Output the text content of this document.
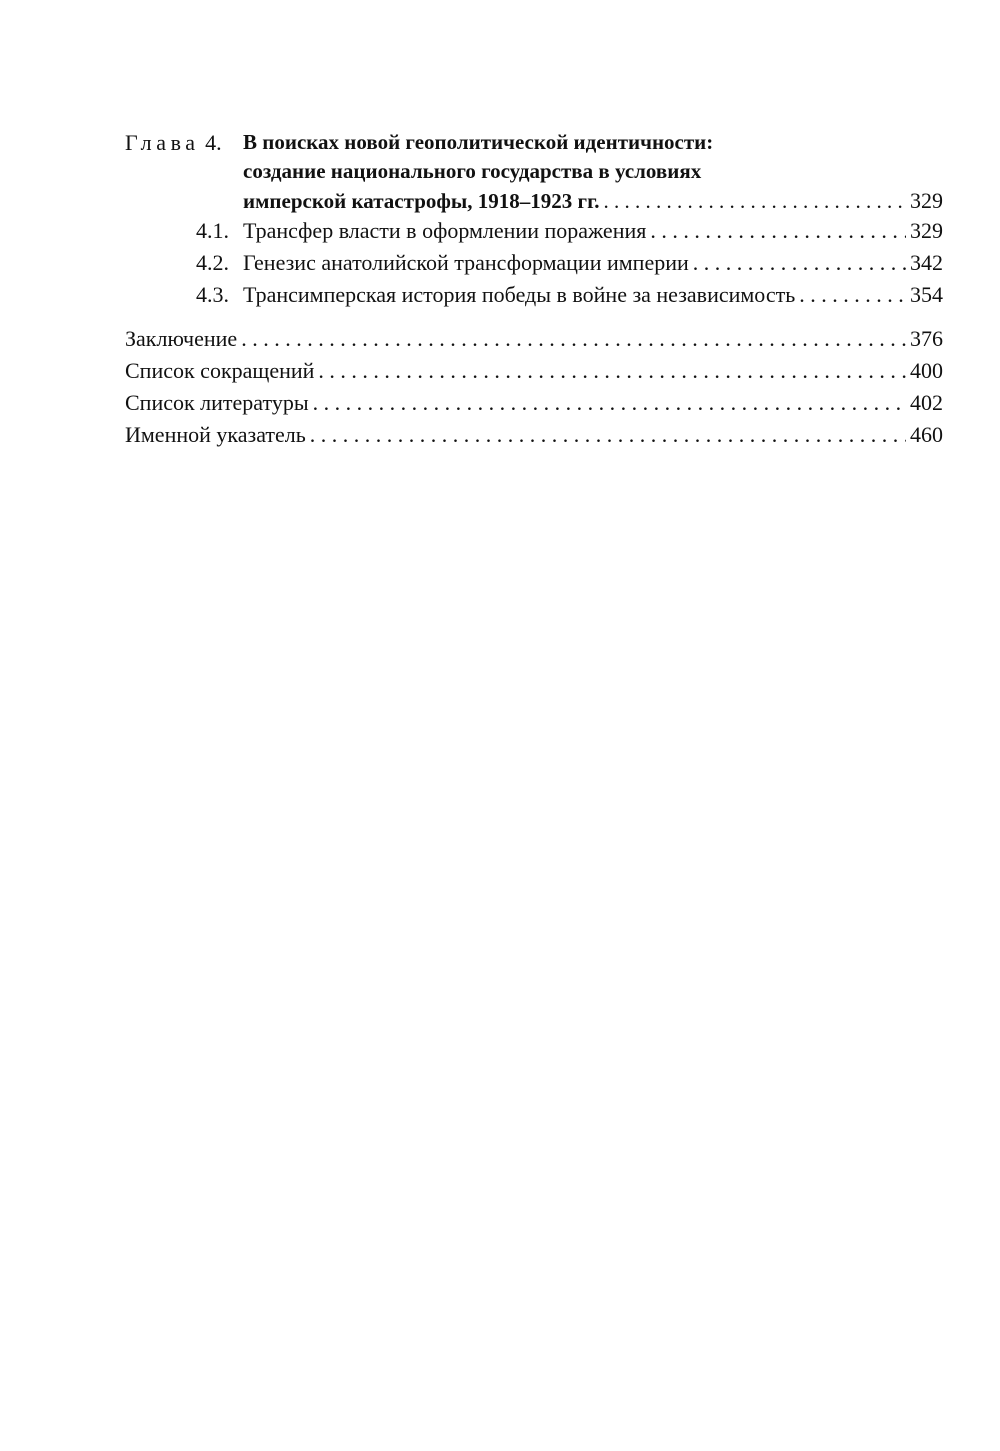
Глава 4.	В поисках новой геополитической идентичности:
создание национального государства в условиях
имперской катастрофы, 1918–1923 гг. . . .	329
4.1. Трансфер власти в оформлении поражения . . .	329
4.2. Генезис анатолийской трансформации империи . . .	342
4.3. Трансимперская история победы в войне за независимость . . .	354
Заключение . . .	376
Список сокращений . . .	400
Список литературы . . .	402
Именной указатель . . .	460
